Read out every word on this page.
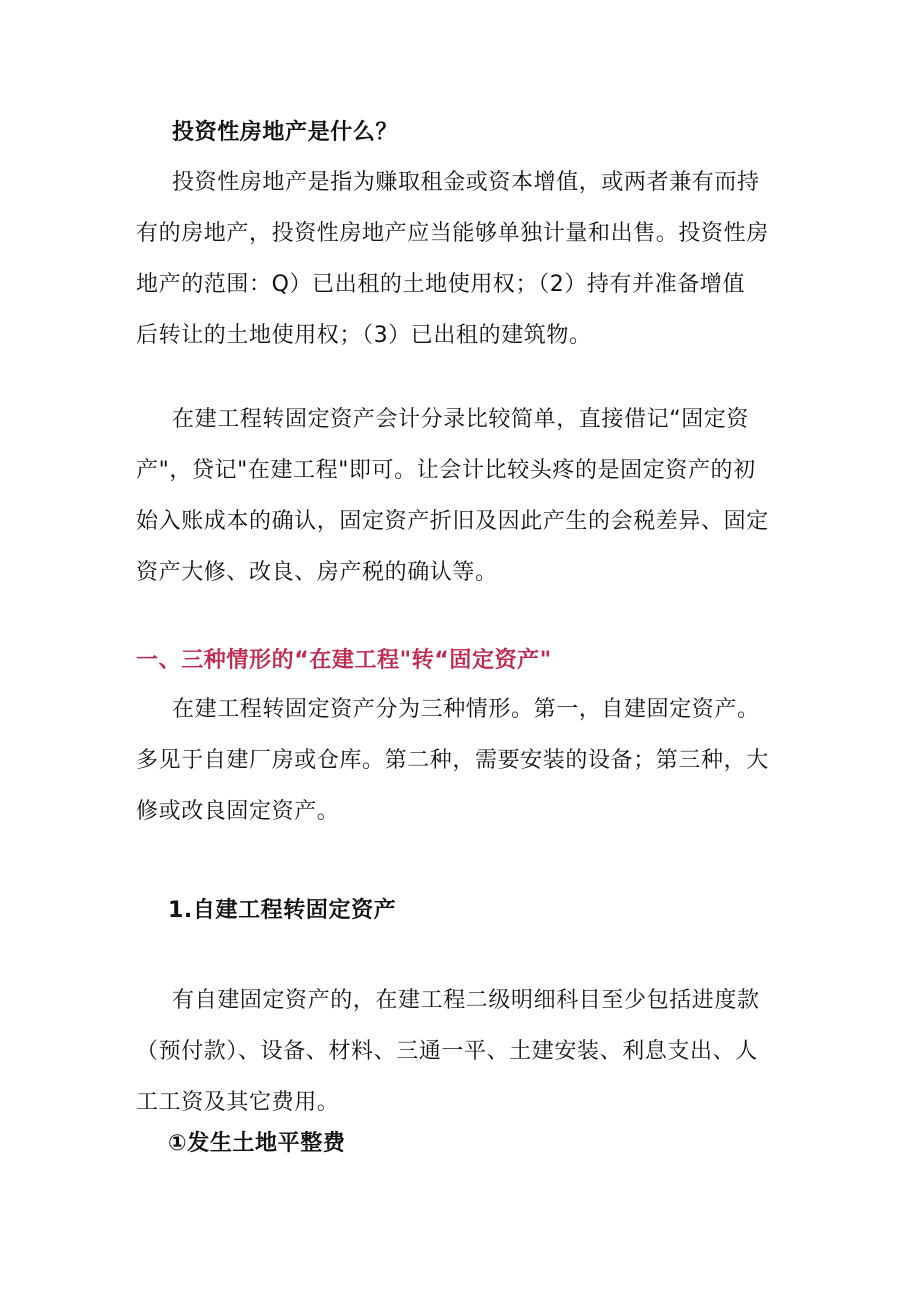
投资性房地产是什么？

投资性房地产是指为赚取租金或资本增值，或两者兼有而持
有的房地产，投资性房地产应当能够单独计量和出售。投资性房
地产的范围：Q）已出租的土地使用权；（2）持有并准备增值
后转让的土地使用权；（3）已出租的建筑物。

在建工程转固定资产会计分录比较简单，直接借记“固定资
产"，贷记"在建工程"即可。让会计比较头疼的是固定资产的初
始入账成本的确认，固定资产折旧及因此产生的会税差异、固定
资产大修、改良、房产税的确认等。

一、三种情形的“在建工程"转“固定资产"

在建工程转固定资产分为三种情形。第一，自建固定资产。
多见于自建厂房或仓库。第二种，需要安装的设备；第三种，大
修或改良固定资产。

1.自建工程转固定资产

有自建固定资产的，在建工程二级明细科目至少包括进度款
（预付款）、设备、材料、三通一平、土建安装、利息支出、人
工工资及其它费用。

①发生土地平整费
